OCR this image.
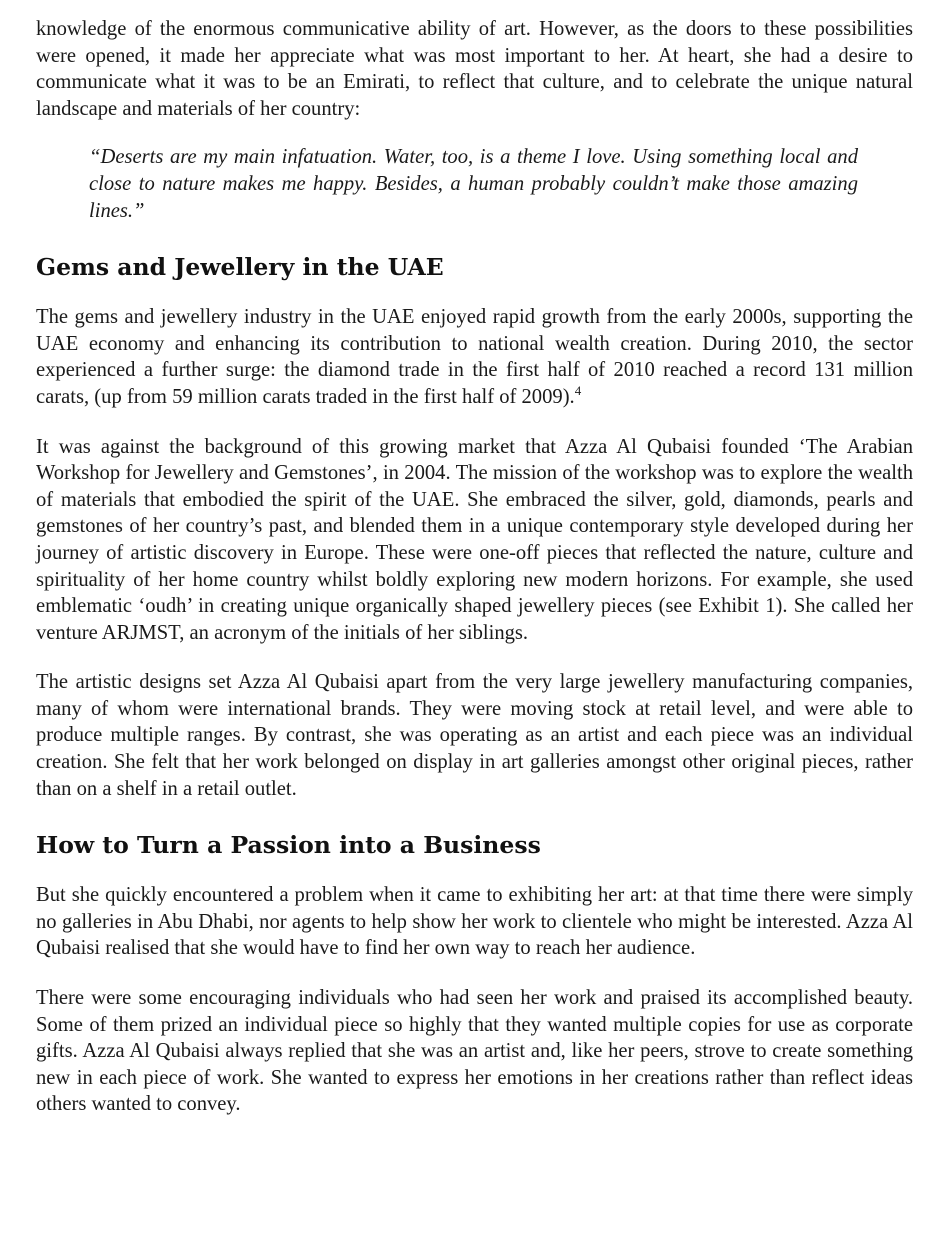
knowledge of the enormous communicative ability of art. However, as the doors to these possibilities were opened, it made her appreciate what was most important to her. At heart, she had a desire to communicate what it was to be an Emirati, to reflect that culture, and to celebrate the unique natural landscape and materials of her country:

“Deserts are my main infatuation. Water, too, is a theme I love. Using something local and close to nature makes me happy. Besides, a human probably couldn’t make those amazing lines.”

Gems and Jewellery in the UAE

The gems and jewellery industry in the UAE enjoyed rapid growth from the early 2000s, supporting the UAE economy and enhancing its contribution to national wealth creation. During 2010, the sector experienced a further surge: the diamond trade in the first half of 2010 reached a record 131 million carats, (up from 59 million carats traded in the first half of 2009).$^4$

It was against the background of this growing market that Azza Al Qubaisi founded ‘The Arabian Workshop for Jewellery and Gemstones’, in 2004. The mission of the workshop was to explore the wealth of materials that embodied the spirit of the UAE. She embraced the silver, gold, diamonds, pearls and gemstones of her country’s past, and blended them in a unique contemporary style developed during her journey of artistic discovery in Europe. These were one-off pieces that reflected the nature, culture and spirituality of her home country whilst boldly exploring new modern horizons. For example, she used emblematic ‘oudh’ in creating unique organically shaped jewellery pieces (see Exhibit 1). She called her venture ARJMST, an acronym of the initials of her siblings.

The artistic designs set Azza Al Qubaisi apart from the very large jewellery manufacturing companies, many of whom were international brands. They were moving stock at retail level, and were able to produce multiple ranges. By contrast, she was operating as an artist and each piece was an individual creation. She felt that her work belonged on display in art galleries amongst other original pieces, rather than on a shelf in a retail outlet.

How to Turn a Passion into a Business

But she quickly encountered a problem when it came to exhibiting her art: at that time there were simply no galleries in Abu Dhabi, nor agents to help show her work to clientele who might be interested. Azza Al Qubaisi realised that she would have to find her own way to reach her audience.

There were some encouraging individuals who had seen her work and praised its accomplished beauty. Some of them prized an individual piece so highly that they wanted multiple copies for use as corporate gifts. Azza Al Qubaisi always replied that she was an artist and, like her peers, strove to create something new in each piece of work. She wanted to express her emotions in her creations rather than reflect ideas others wanted to convey.
